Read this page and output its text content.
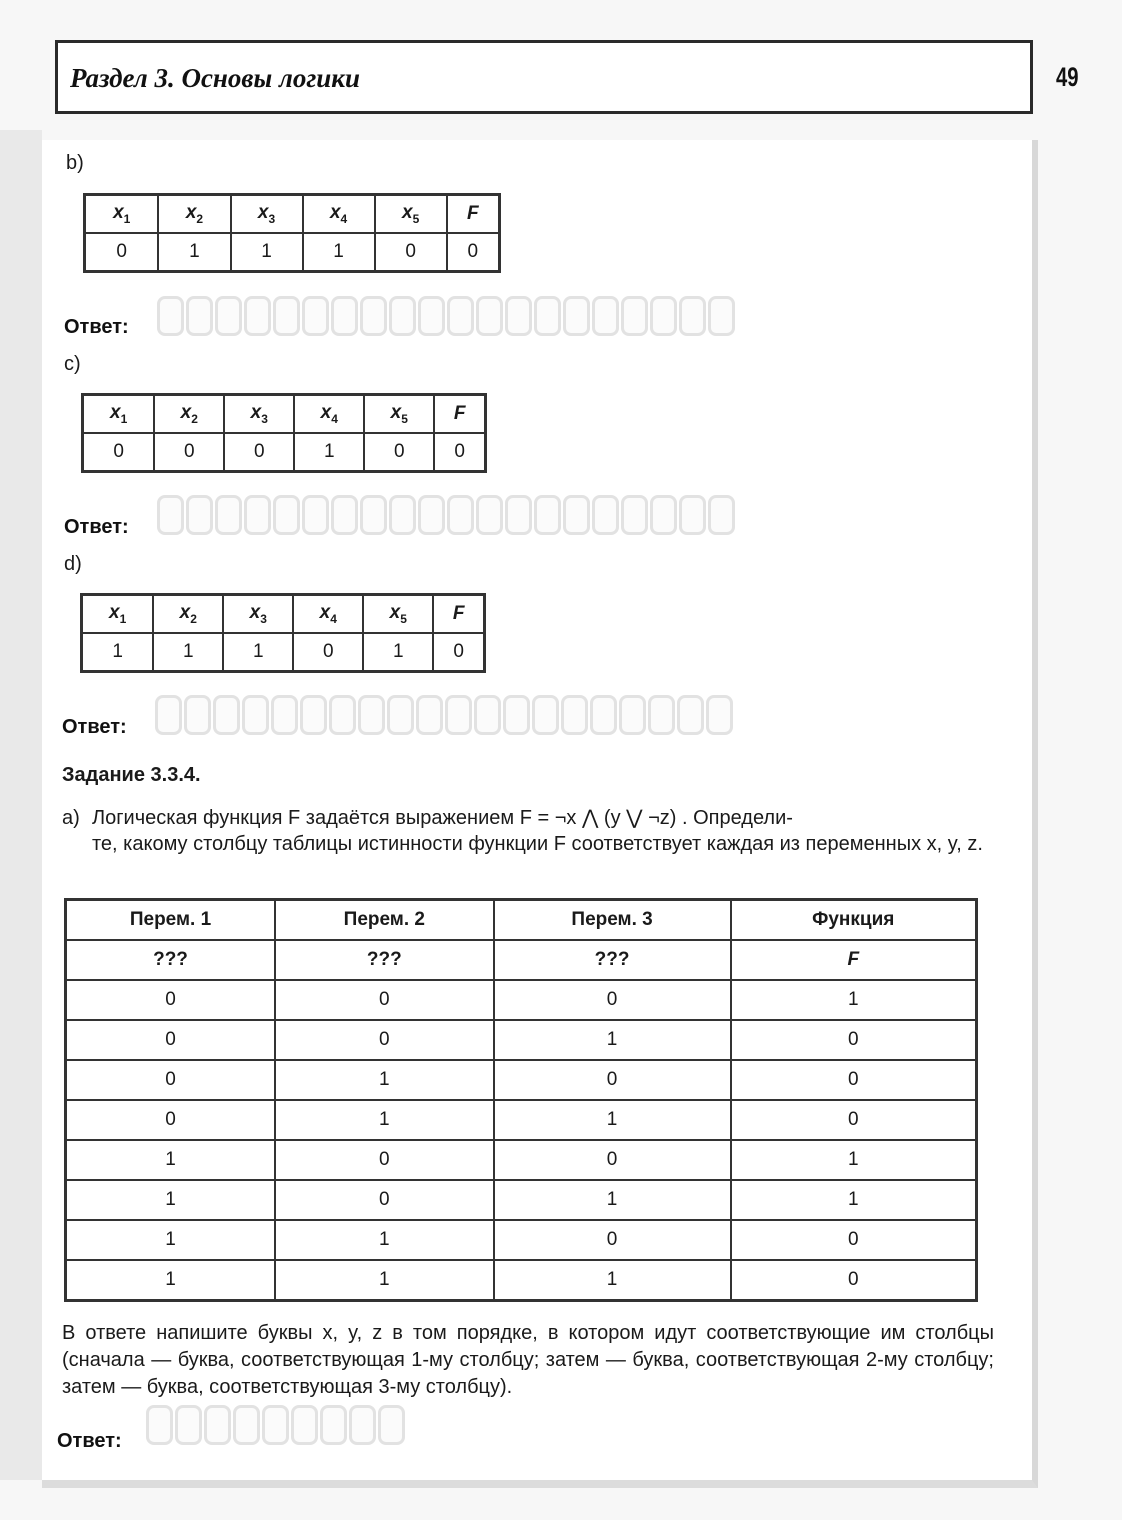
Раздел 3. Основы логики	49
b)
$x_1$	$x_2$	$x_3$	$x_4$	$x_5$	F
0	1	1	1	0	0
Ответ:
c)
$x_1$	$x_2$	$x_3$	$x_4$	$x_5$	F
0	0	0	1	0	0
Ответ:
d)
$x_1$	$x_2$	$x_3$	$x_4$	$x_5$	F
1	1	1	0	1	0
Ответ:
Задание 3.3.4.
a) Логическая функция F задаётся выражением F = ¬x ⋀ (y ⋁ ¬z) . Определи-
те, какому столбцу таблицы истинности функции F соответствует каждая из переменных x, y, z.
Перем. 1	Перем. 2	Перем. 3	Функция
???	???	???	F
0	0	0	1
0	0	1	0
0	1	0	0
0	1	1	0
1	0	0	1
1	0	1	1
1	1	0	0
1	1	1	0
В ответе напишите буквы x, y, z в том порядке, в котором идут соответствующие им столбцы (сначала — буква, соответствующая 1-му столбцу; затем — буква, соответствующая 2-му столбцу; затем — буква, соответствующая 3-му столбцу).
Ответ:
